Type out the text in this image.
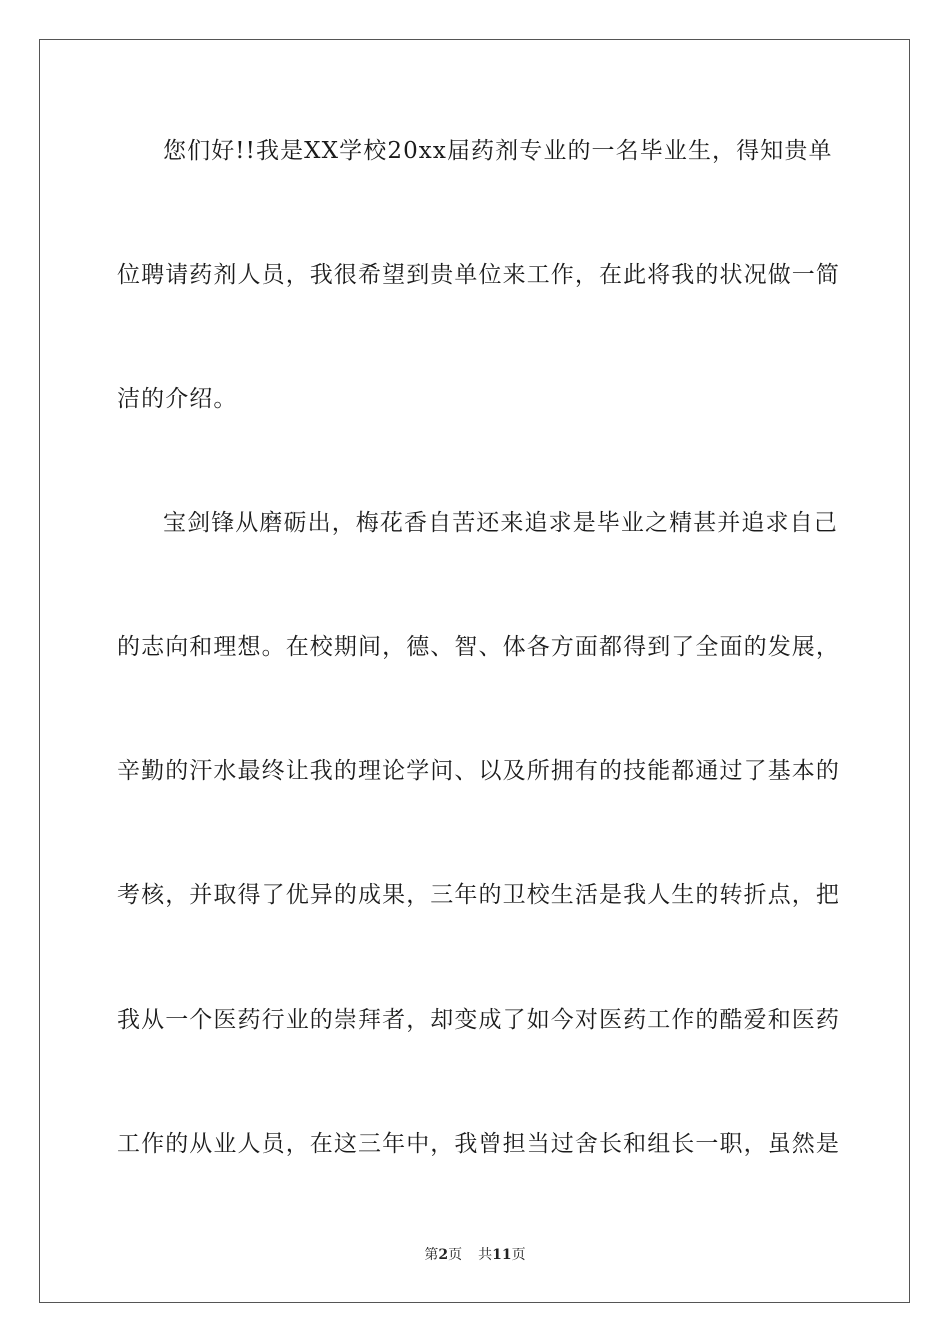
您们好!!我是XX学校20xx届药剂专业的一名毕业生，得知贵单
位聘请药剂人员，我很希望到贵单位来工作，在此将我的状况做一简
洁的介绍。
宝剑锋从磨砺出，梅花香自苦还来追求是毕业之精甚并追求自己
的志向和理想。在校期间，德、智、体各方面都得到了全面的发展，
辛勤的汗水最终让我的理论学问、以及所拥有的技能都通过了基本的
考核，并取得了优异的成果，三年的卫校生活是我人生的转折点，把
我从一个医药行业的崇拜者，却变成了如今对医药工作的酷爱和医药
工作的从业人员，在这三年中，我曾担当过舍长和组长一职，虽然是
第2页 共11页
